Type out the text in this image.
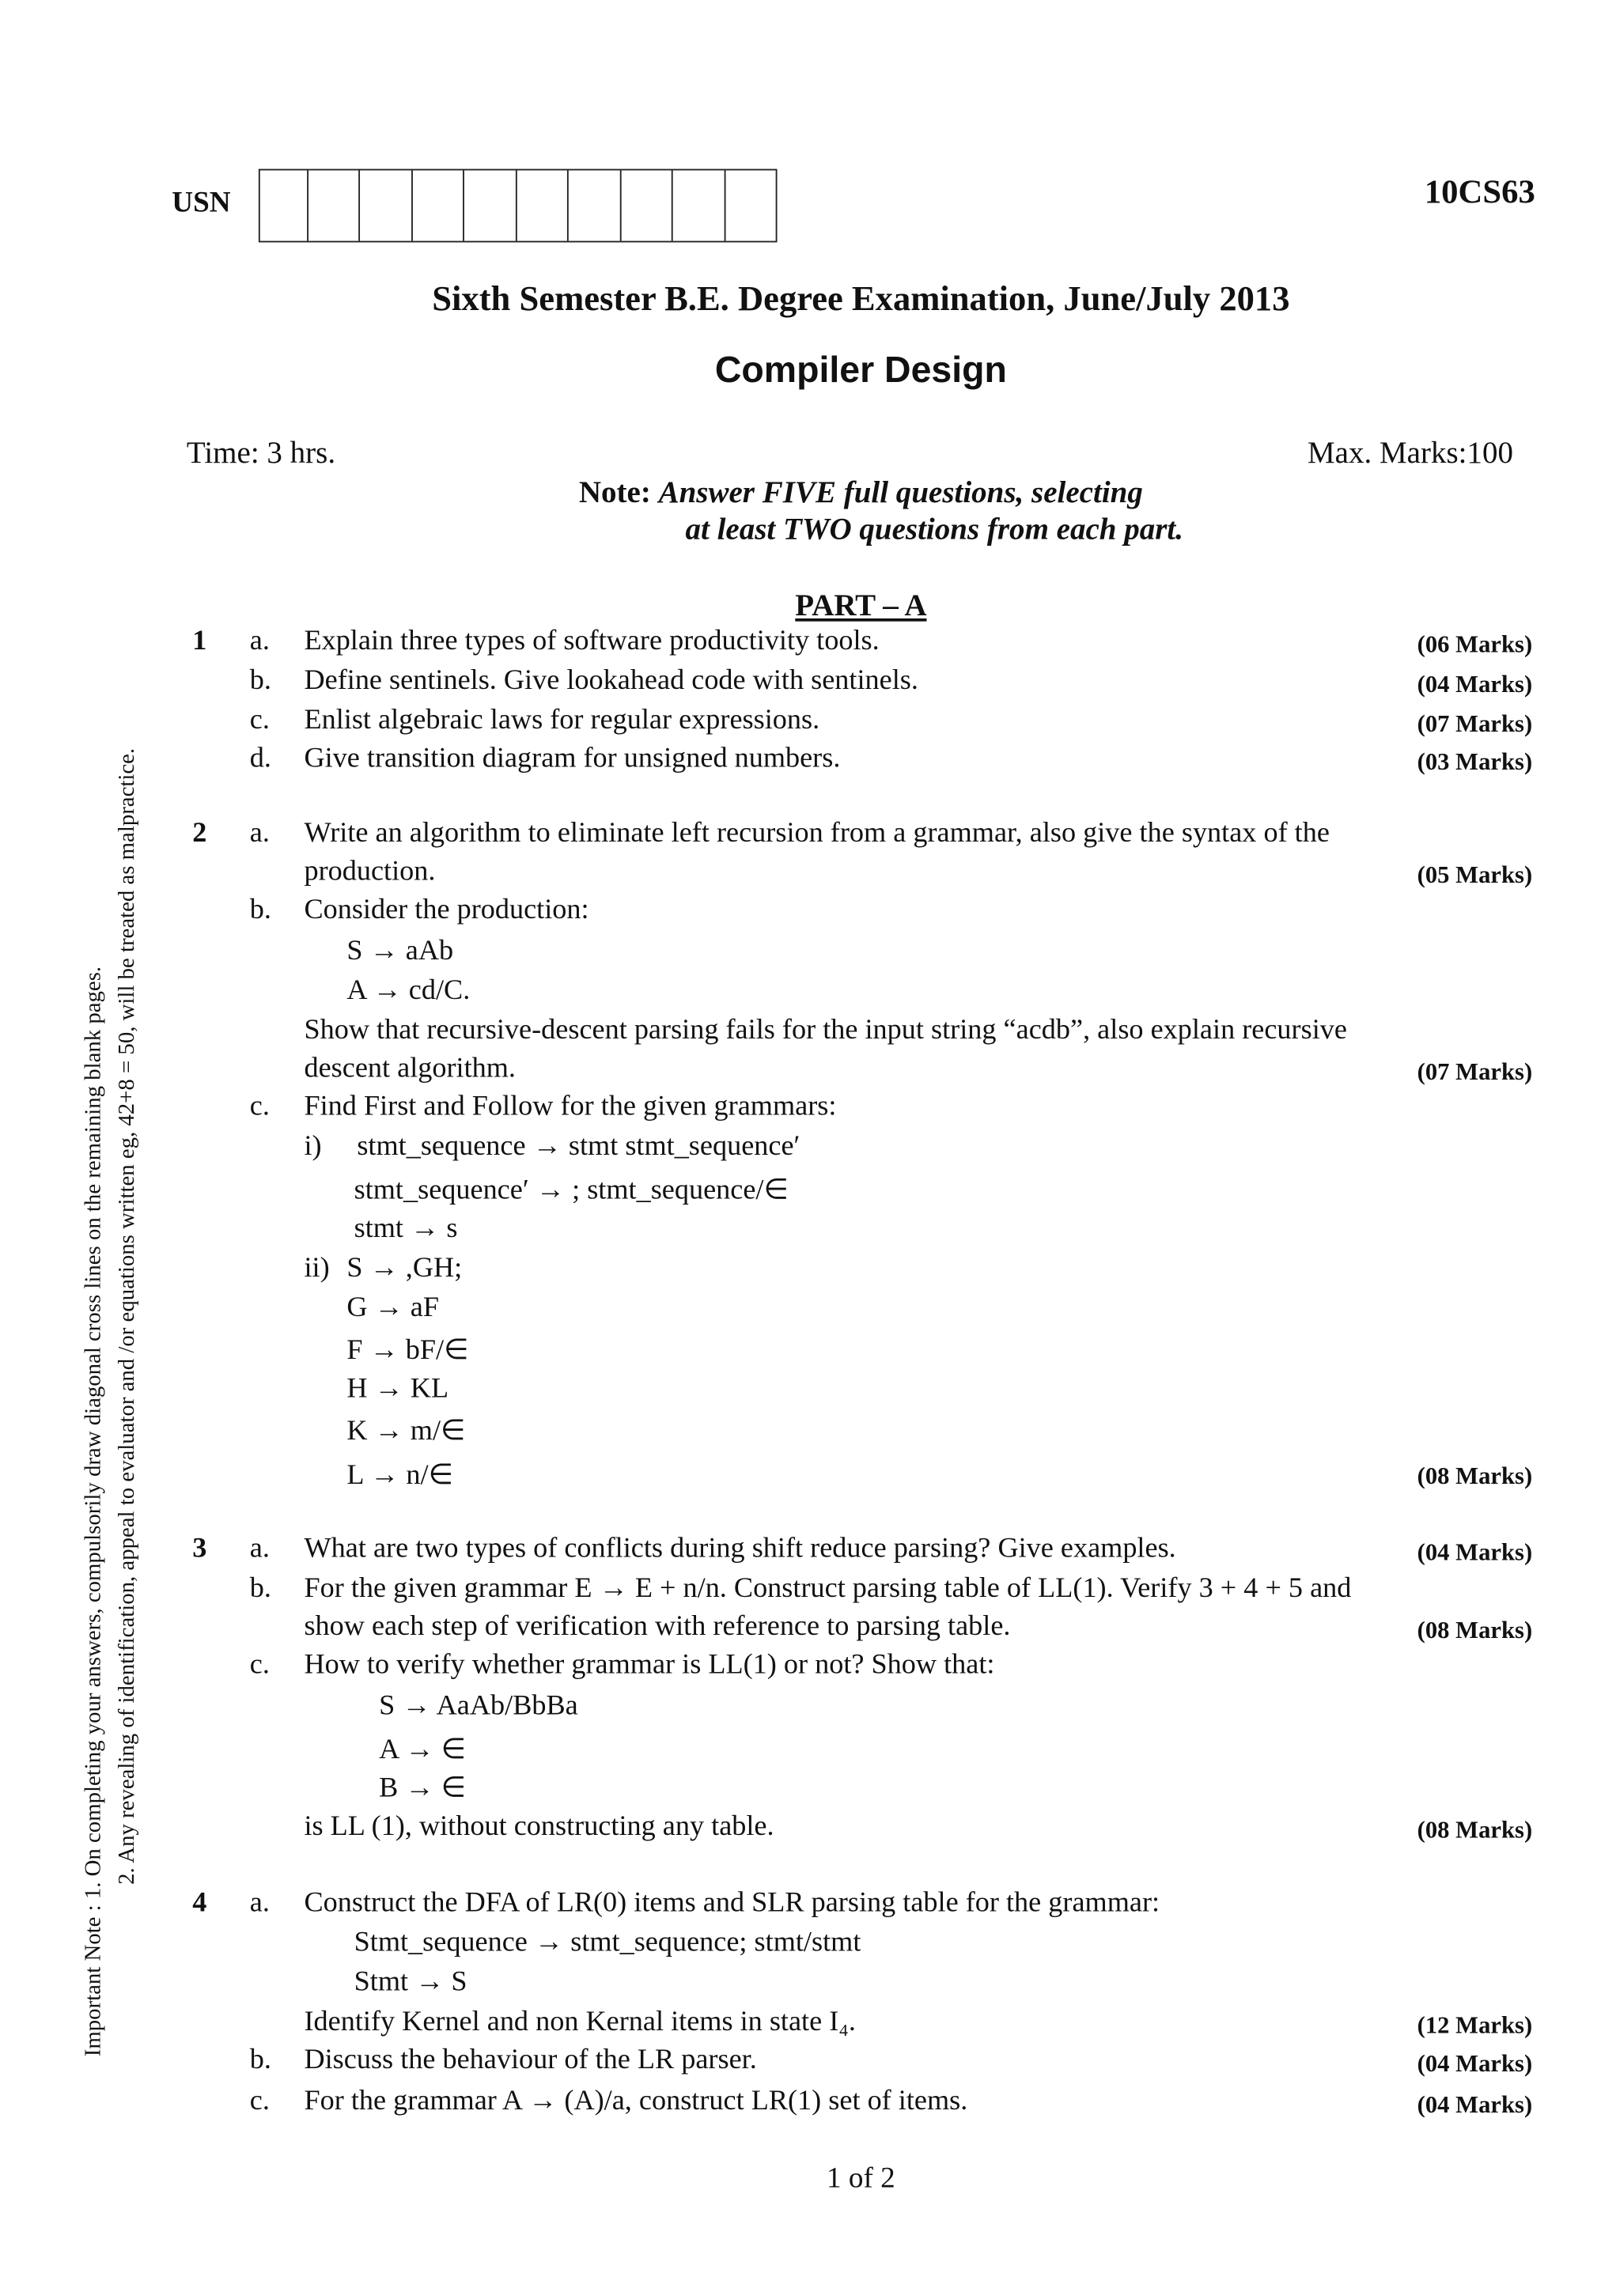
Important Note : 1. On completing your answers, compulsorily draw diagonal cross lines on the remaining blank pages. 2. Any revealing of identification, appeal to evaluator and /or equations written eg, 42+8 = 50, will be treated as malpractice.
USN	10CS63
Sixth Semester B.E. Degree Examination, June/July 2013
Compiler Design
Time: 3 hrs.	Max. Marks:100
Note: Answer FIVE full questions, selecting
at least TWO questions from each part.
PART – A
1	a. Explain three types of software productivity tools.	(06 Marks)
b. Define sentinels. Give lookahead code with sentinels.	(04 Marks)
c. Enlist algebraic laws for regular expressions.	(07 Marks)
d. Give transition diagram for unsigned numbers.	(03 Marks)
2	a. Write an algorithm to eliminate left recursion from a grammar, also give the syntax of the
production.	(05 Marks)
b. Consider the production:
S → aAb
A → cd/C.
Show that recursive-descent parsing fails for the input string “acdb”, also explain recursive
descent algorithm.	(07 Marks)
c. Find First and Follow for the given grammars:
i) stmt_sequence → stmt stmt_sequence′
stmt_sequence′ → ; stmt_sequence/∈
stmt → s
ii) S → ,GH;
G → aF
F → bF/∈
H → KL
K → m/∈
L → n/∈	(08 Marks)
3	a. What are two types of conflicts during shift reduce parsing? Give examples.	(04 Marks)
b. For the given grammar E → E + n/n. Construct parsing table of LL(1). Verify 3 + 4 + 5 and
show each step of verification with reference to parsing table.	(08 Marks)
c. How to verify whether grammar is LL(1) or not? Show that:
S → AaAb/BbBa
A → ∈
B → ∈
is LL (1), without constructing any table.	(08 Marks)
4	a. Construct the DFA of LR(0) items and SLR parsing table for the grammar:
Stmt_sequence → stmt_sequence; stmt/stmt
Stmt → S
Identify Kernel and non Kernal items in state I₄.	(12 Marks)
b. Discuss the behaviour of the LR parser.	(04 Marks)
c. For the grammar A → (A)/a, construct LR(1) set of items.	(04 Marks)
1 of 2
